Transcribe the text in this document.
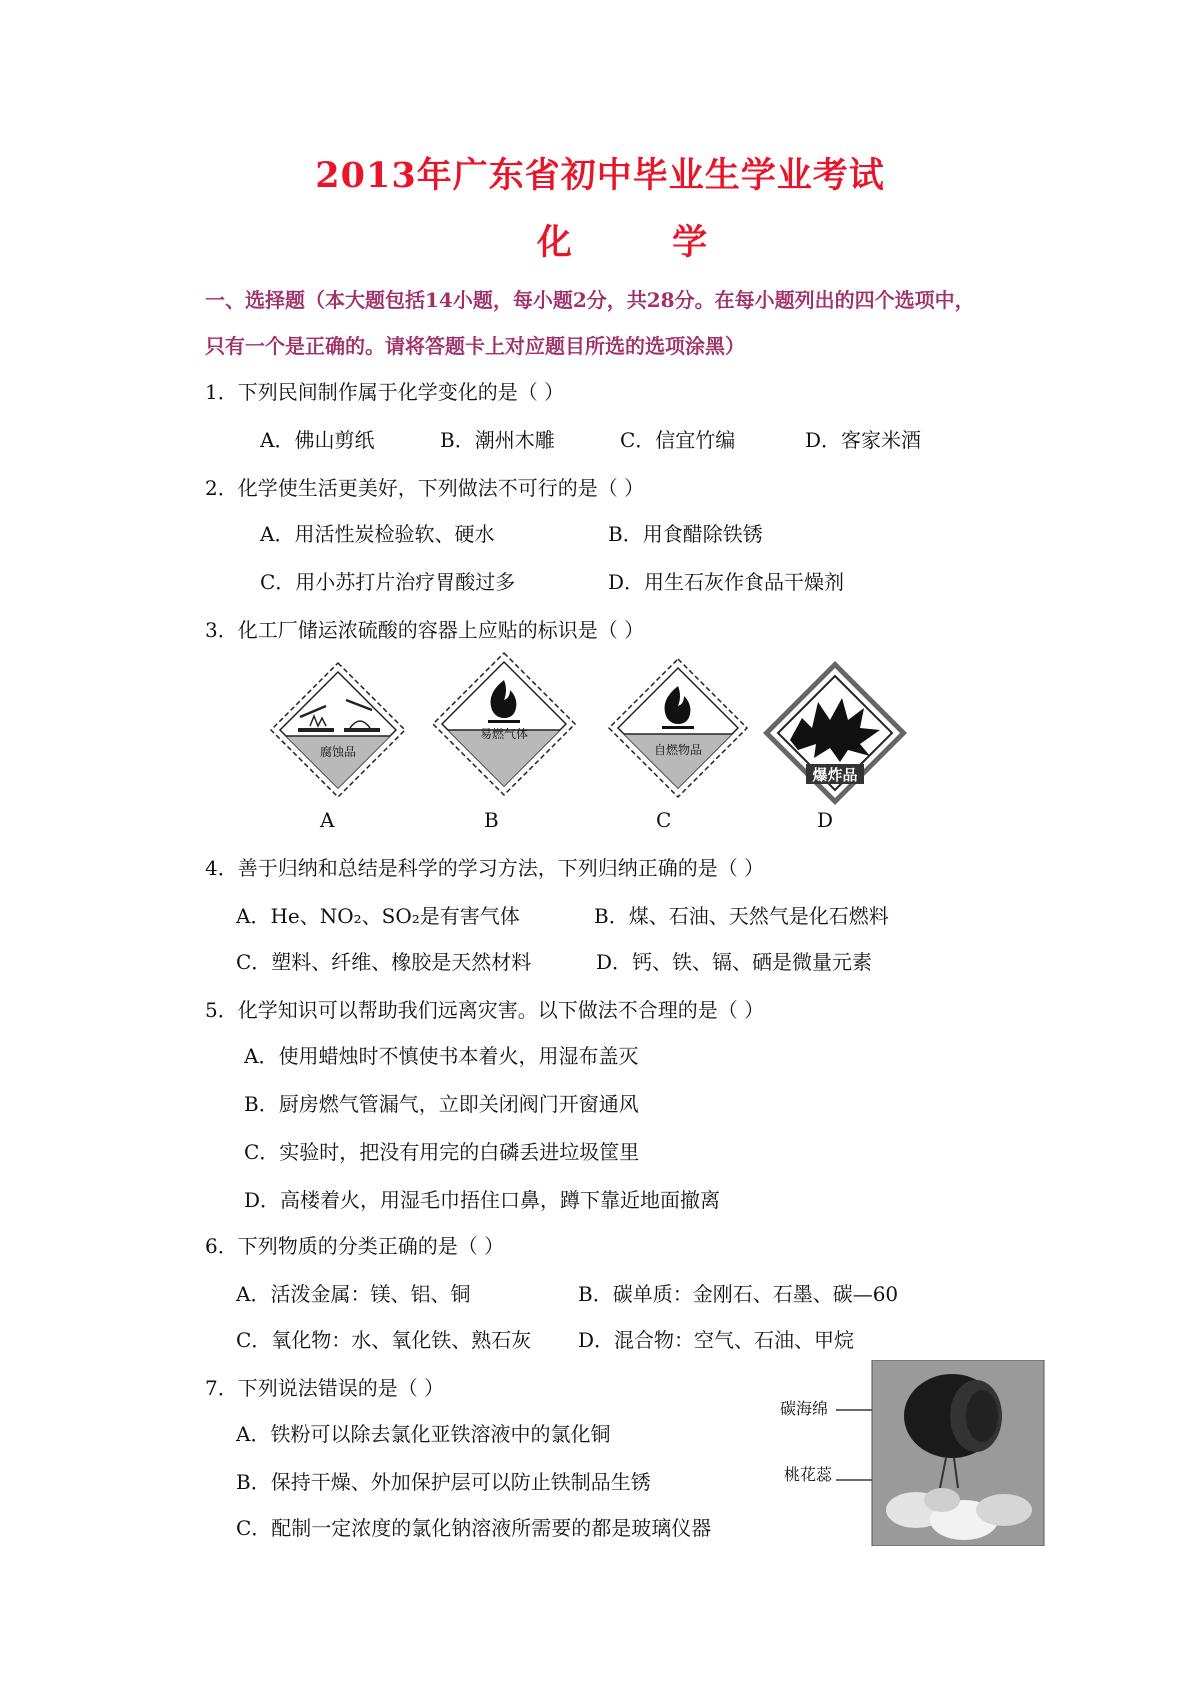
2013年广东省初中毕业生学业考试
化 学
一、选择题（本大题包括14小题，每小题2分，共28分。在每小题列出的四个选项中，
只有一个是正确的。请将答题卡上对应题目所选的选项涂黑）
1．下列民间制作属于化学变化的是（ ）
A．佛山剪纸	B．潮州木雕	C．信宜竹编	D．客家米酒
2．化学使生活更美好，下列做法不可行的是（ ）
A．用活性炭检验软、硬水	B．用食醋除铁锈
C．用小苏打片治疗胃酸过多	D．用生石灰作食品干燥剂
3．化工厂储运浓硫酸的容器上应贴的标识是（ ）
腐蚀品
易燃气体
自燃物品
爆炸品
A	B	C	D
4．善于归纳和总结是科学的学习方法，下列归纳正确的是（ ）
A．He、NO₂、SO₂是有害气体	B．煤、石油、天然气是化石燃料
C．塑料、纤维、橡胶是天然材料	D．钙、铁、镉、硒是微量元素
5．化学知识可以帮助我们远离灾害。以下做法不合理的是（ ）
A．使用蜡烛时不慎使书本着火，用湿布盖灭
B．厨房燃气管漏气，立即关闭阀门开窗通风
C．实验时，把没有用完的白磷丢进垃圾筐里
D．高楼着火，用湿毛巾捂住口鼻，蹲下靠近地面撤离
6．下列物质的分类正确的是（ ）
A．活泼金属：镁、铝、铜	B．碳单质：金刚石、石墨、碳—60
C．氧化物：水、氧化铁、熟石灰 D．混合物：空气、石油、甲烷
7．下列说法错误的是（ ）
A．铁粉可以除去氯化亚铁溶液中的氯化铜
B．保持干燥、外加保护层可以防止铁制品生锈
C．配制一定浓度的氯化钠溶液所需要的都是玻璃仪器
碳海绵
桃花蕊
